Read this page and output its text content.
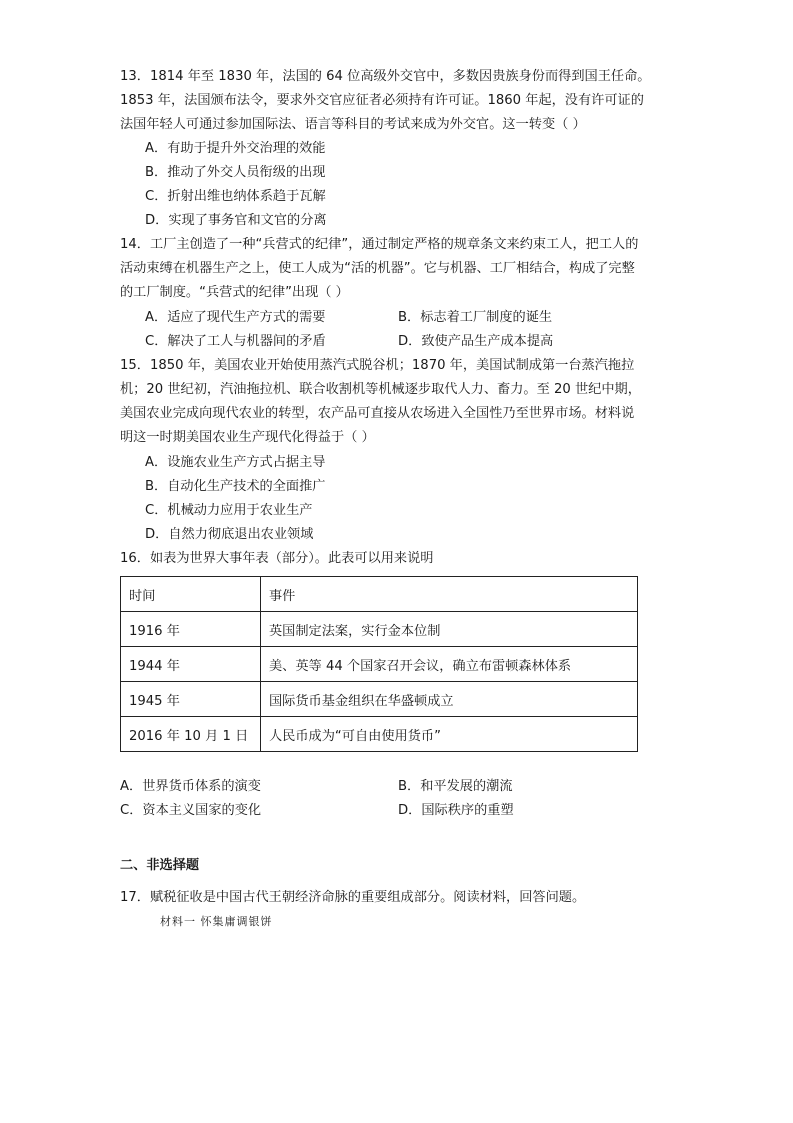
13．1814 年至 1830 年，法国的 64 位高级外交官中，多数因贵族身份而得到国王任命。
1853 年，法国颁布法令，要求外交官应征者必须持有许可证。1860 年起，没有许可证的
法国年轻人可通过参加国际法、语言等科目的考试来成为外交官。这一转变（ ）
A．有助于提升外交治理的效能
B．推动了外交人员衔级的出现
C．折射出维也纳体系趋于瓦解
D．实现了事务官和文官的分离
14．工厂主创造了一种“兵营式的纪律”，通过制定严格的规章条文来约束工人，把工人的
活动束缚在机器生产之上，使工人成为“活的机器”。它与机器、工厂相结合，构成了完整
的工厂制度。“兵营式的纪律”出现（ ）
A．适应了现代生产方式的需要	B．标志着工厂制度的诞生
C．解决了工人与机器间的矛盾	D．致使产品生产成本提高
15．1850 年，美国农业开始使用蒸汽式脱谷机；1870 年，美国试制成第一台蒸汽拖拉
机；20 世纪初，汽油拖拉机、联合收割机等机械逐步取代人力、畜力。至 20 世纪中期，
美国农业完成向现代农业的转型，农产品可直接从农场进入全国性乃至世界市场。材料说
明这一时期美国农业生产现代化得益于（ ）
A．设施农业生产方式占据主导
B．自动化生产技术的全面推广
C．机械动力应用于农业生产
D．自然力彻底退出农业领域
16．如表为世界大事年表（部分）。此表可以用来说明
时间	事件
1916 年	英国制定法案，实行金本位制
1944 年	美、英等 44 个国家召开会议，确立布雷顿森林体系
1945 年	国际货币基金组织在华盛顿成立
2016 年 10 月 1 日	人民币成为“可自由使用货币”
A．世界货币体系的演变	B．和平发展的潮流
C．资本主义国家的变化	D．国际秩序的重塑
二、非选择题
17．赋税征收是中国古代王朝经济命脉的重要组成部分。阅读材料，回答问题。
材料一 怀集庸调银饼
